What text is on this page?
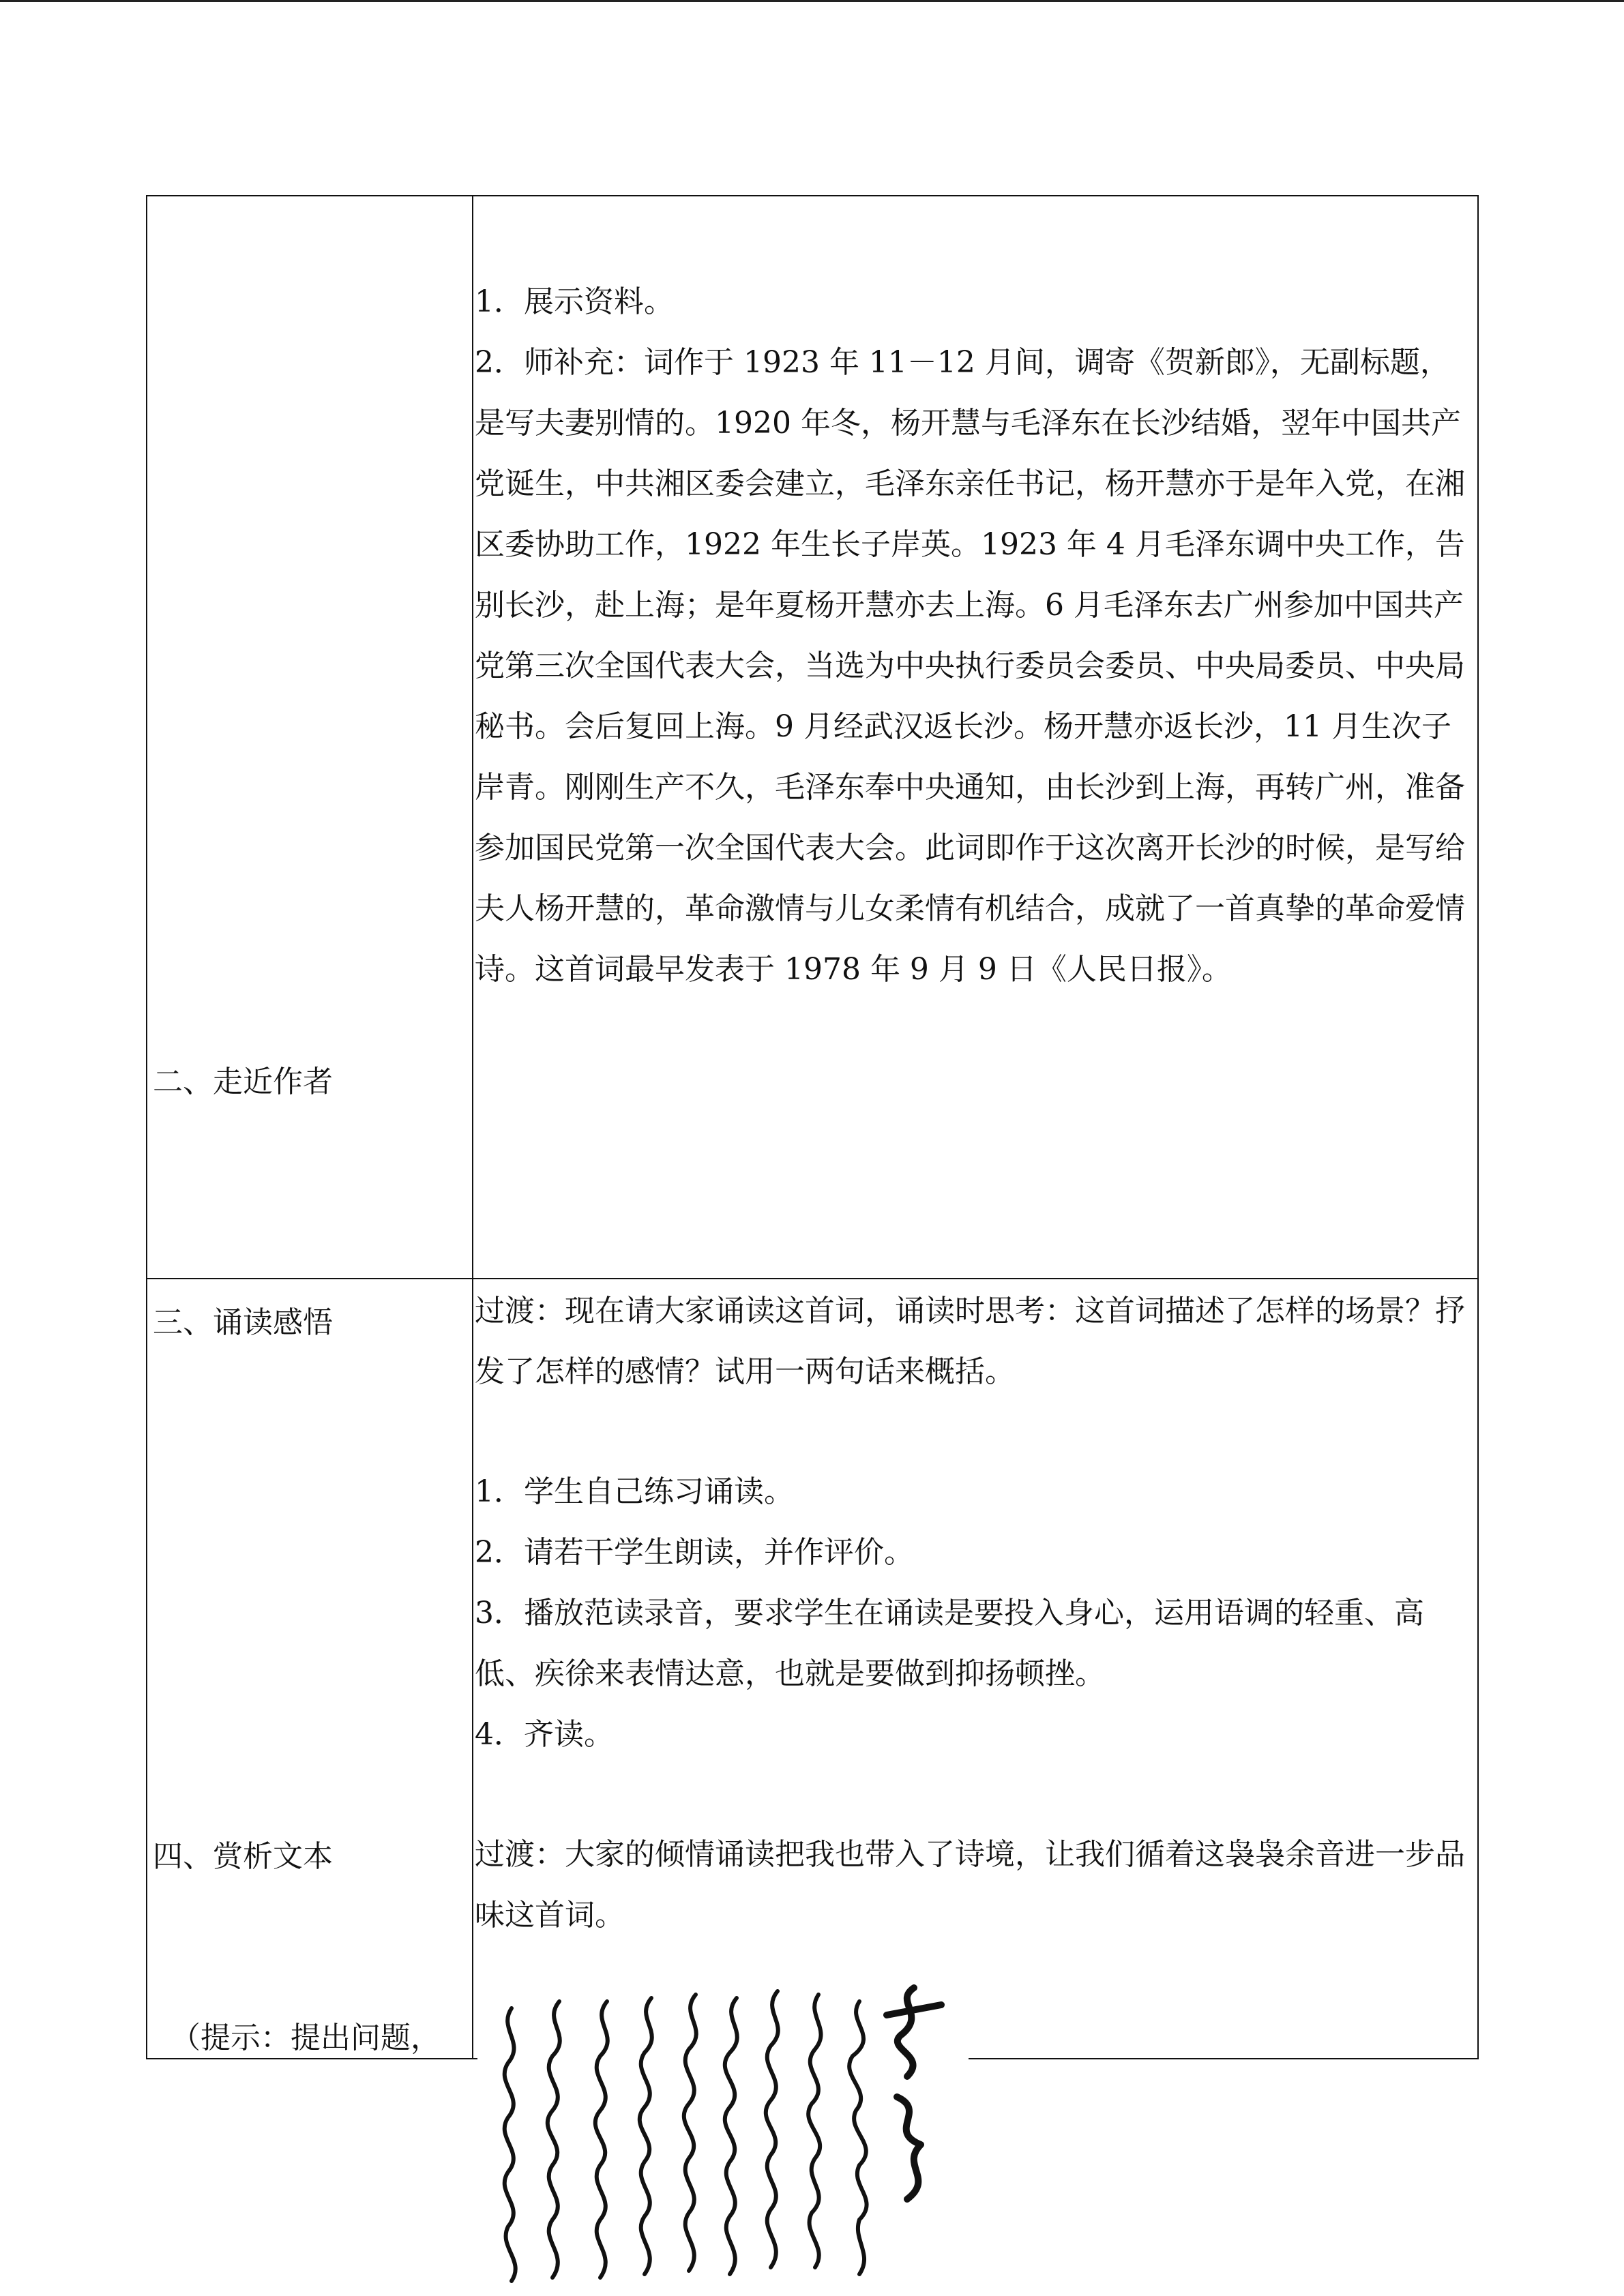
二、走近作者

1．展示资料。

2．师补充：词作于 1923 年 11－12 月间，调寄《贺新郎》，无副标题，是写夫妻别情的。1920 年冬，杨开慧与毛泽东在长沙结婚，翌年中国共产党诞生，中共湘区委会建立，毛泽东亲任书记，杨开慧亦于是年入党，在湘区委协助工作，1922 年生长子岸英。1923 年 4 月毛泽东调中央工作，告别长沙，赴上海；是年夏杨开慧亦去上海。6 月毛泽东去广州参加中国共产党第三次全国代表大会，当选为中央执行委员会委员、中央局委员、中央局秘书。会后复回上海。9 月经武汉返长沙。杨开慧亦返长沙，11 月生次子岸青。刚刚生产不久，毛泽东奉中央通知，由长沙到上海，再转广州，准备参加国民党第一次全国代表大会。此词即作于这次离开长沙的时候，是写给夫人杨开慧的，革命激情与儿女柔情有机结合，成就了一首真挚的革命爱情诗。这首词最早发表于 1978 年 9 月 9 日《人民日报》。

三、诵读感悟
四、赏析文本
（提示：提出问题，

过渡：现在请大家诵读这首词，诵读时思考：这首词描述了怎样的场景？抒发了怎样的感情？试用一两句话来概括。

1．学生自己练习诵读。

2．请若干学生朗读，并作评价。

3．播放范读录音，要求学生在诵读是要投入身心，运用语调的轻重、高低、疾徐来表情达意，也就是要做到抑扬顿挫。

4．齐读。

过渡：大家的倾情诵读把我也带入了诗境，让我们循着这袅袅余音进一步品味这首词。
